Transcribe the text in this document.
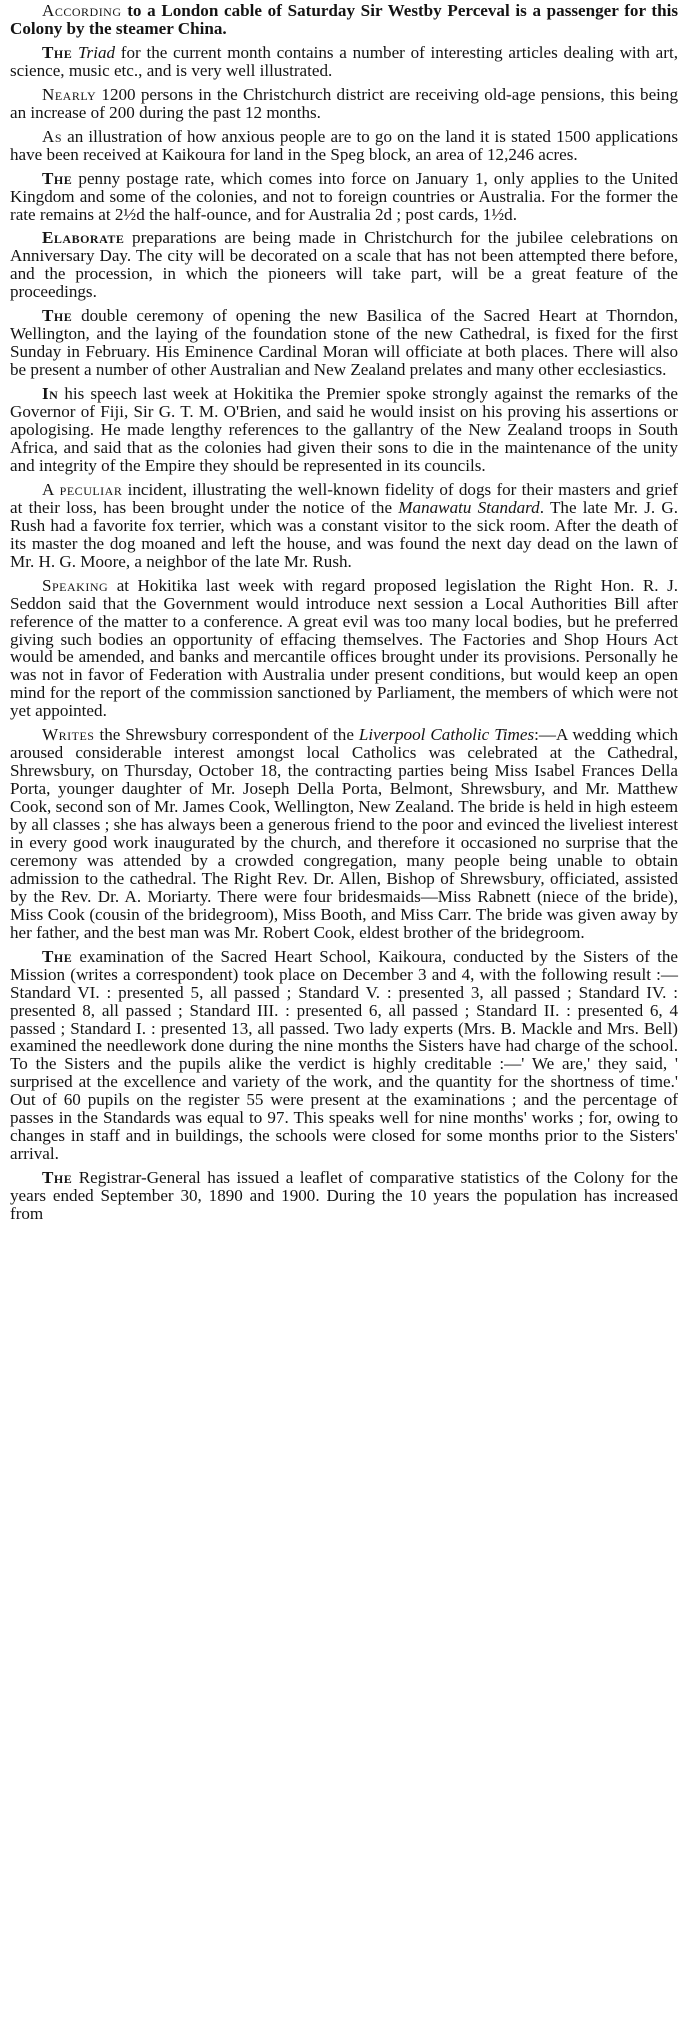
According to a London cable of Saturday Sir Westby Perceval is a passenger for this Colony by the steamer China.

The Triad for the current month contains a number of interesting articles dealing with art, science, music etc., and is very well illustrated.

Nearly 1200 persons in the Christchurch district are receiving old-age pensions, this being an increase of 200 during the past 12 months.

As an illustration of how anxious people are to go on the land it is stated 1500 applications have been received at Kaikoura for land in the Speg block, an area of 12,246 acres.

The penny postage rate, which comes into force on January 1, only applies to the United Kingdom and some of the colonies, and not to foreign countries or Australia. For the former the rate remains at 2½d the half-ounce, and for Australia 2d ; post cards, 1½d.

Elaborate preparations are being made in Christchurch for the jubilee celebrations on Anniversary Day. The city will be decorated on a scale that has not been attempted there before, and the procession, in which the pioneers will take part, will be a great feature of the proceedings.

The double ceremony of opening the new Basilica of the Sacred Heart at Thorndon, Wellington, and the laying of the foundation stone of the new Cathedral, is fixed for the first Sunday in February. His Eminence Cardinal Moran will officiate at both places. There will also be present a number of other Australian and New Zealand prelates and many other ecclesiastics.

In his speech last week at Hokitika the Premier spoke strongly against the remarks of the Governor of Fiji, Sir G. T. M. O'Brien, and said he would insist on his proving his assertions or apologising. He made lengthy references to the gallantry of the New Zealand troops in South Africa, and said that as the colonies had given their sons to die in the maintenance of the unity and integrity of the Empire they should be represented in its councils.

A peculiar incident, illustrating the well-known fidelity of dogs for their masters and grief at their loss, has been brought under the notice of the Manawatu Standard. The late Mr. J. G. Rush had a favorite fox terrier, which was a constant visitor to the sick room. After the death of its master the dog moaned and left the house, and was found the next day dead on the lawn of Mr. H. G. Moore, a neighbor of the late Mr. Rush.

Speaking at Hokitika last week with regard proposed legislation the Right Hon. R. J. Seddon said that the Government would introduce next session a Local Authorities Bill after reference of the matter to a conference. A great evil was too many local bodies, but he preferred giving such bodies an opportunity of effacing themselves. The Factories and Shop Hours Act would be amended, and banks and mercantile offices brought under its provisions. Personally he was not in favor of Federation with Australia under present conditions, but would keep an open mind for the report of the commission sanctioned by Parliament, the members of which were not yet appointed.

Writes the Shrewsbury correspondent of the Liverpool Catholic Times:—A wedding which aroused considerable interest amongst local Catholics was celebrated at the Cathedral, Shrewsbury, on Thursday, October 18, the contracting parties being Miss Isabel Frances Della Porta, younger daughter of Mr. Joseph Della Porta, Belmont, Shrewsbury, and Mr. Matthew Cook, second son of Mr. James Cook, Wellington, New Zealand. The bride is held in high esteem by all classes ; she has always been a generous friend to the poor and evinced the liveliest interest in every good work inaugurated by the church, and therefore it occasioned no surprise that the ceremony was attended by a crowded congregation, many people being unable to obtain admission to the cathedral. The Right Rev. Dr. Allen, Bishop of Shrewsbury, officiated, assisted by the Rev. Dr. A. Moriarty. There were four bridesmaids—Miss Rabnett (niece of the bride), Miss Cook (cousin of the bridegroom), Miss Booth, and Miss Carr. The bride was given away by her father, and the best man was Mr. Robert Cook, eldest brother of the bridegroom.

The examination of the Sacred Heart School, Kaikoura, conducted by the Sisters of the Mission (writes a correspondent) took place on December 3 and 4, with the following result :—Standard VI. : presented 5, all passed ; Standard V. : presented 3, all passed ; Standard IV. : presented 8, all passed ; Standard III. : presented 6, all passed ; Standard II. : presented 6, 4 passed ; Standard I. : presented 13, all passed. Two lady experts (Mrs. B. Mackle and Mrs. Bell) examined the needlework done during the nine months the Sisters have had charge of the school. To the Sisters and the pupils alike the verdict is highly creditable :—' We are,' they said, ' surprised at the excellence and variety of the work, and the quantity for the shortness of time.' Out of 60 pupils on the register 55 were present at the examinations ; and the percentage of passes in the Standards was equal to 97. This speaks well for nine months' works ; for, owing to changes in staff and in buildings, the schools were closed for some months prior to the Sisters' arrival.

The Registrar-General has issued a leaflet of comparative statistics of the Colony for the years ended September 30, 1890 and 1900. During the 10 years the population has increased from
